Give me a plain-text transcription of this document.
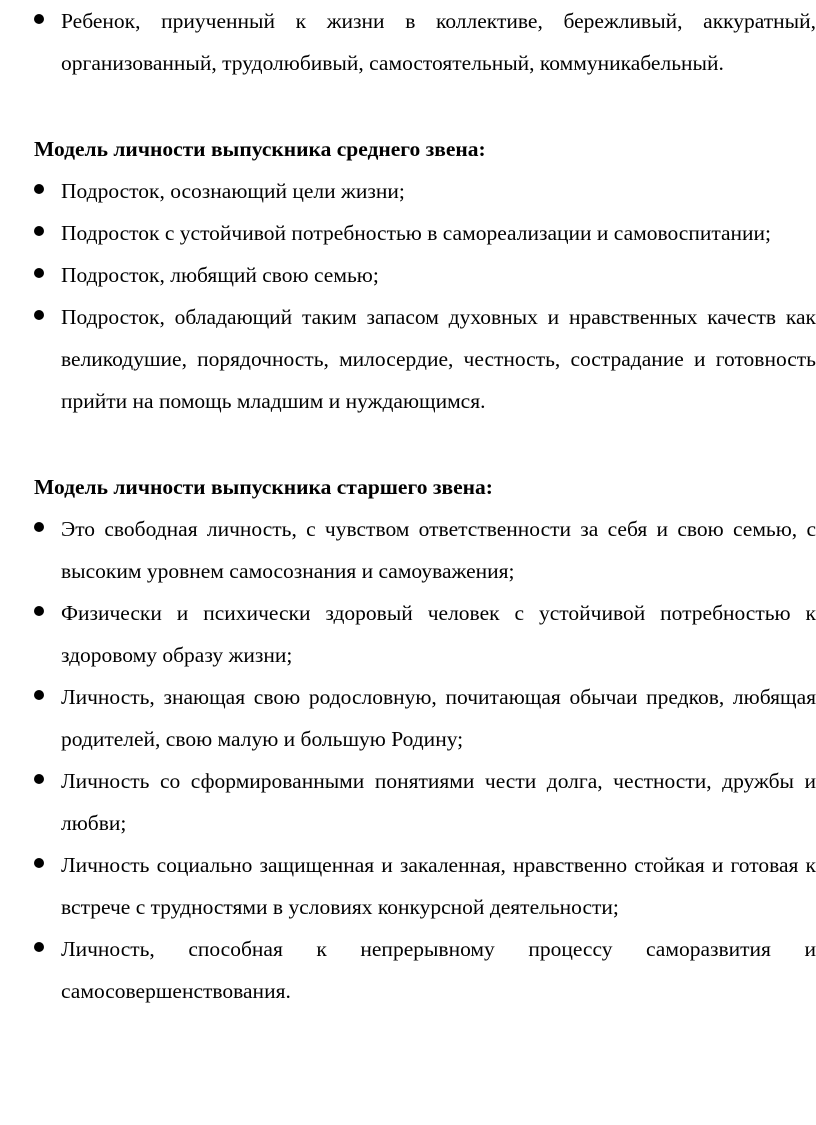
Ребенок, приученный к жизни в коллективе, бережливый, аккуратный, организованный, трудолюбивый, самостоятельный, коммуникабельный.

Модель личности выпускника среднего звена:

Подросток, осознающий цели жизни;
Подросток с устойчивой потребностью в самореализации и самовоспитании;
Подросток, любящий свою семью;
Подросток, обладающий таким запасом духовных и нравственных качеств как великодушие, порядочность, милосердие, честность, сострадание и готовность прийти на помощь младшим и нуждающимся.

Модель личности выпускника старшего звена:

Это свободная личность, с чувством ответственности за себя и свою семью, с высоким уровнем самосознания и самоуважения;
Физически и психически здоровый человек с устойчивой потребностью к здоровому образу жизни;
Личность, знающая свою родословную, почитающая обычаи предков, любящая родителей, свою малую и большую Родину;
Личность со сформированными понятиями чести долга, честности, дружбы и любви;
Личность социально защищенная и закаленная, нравственно стойкая и готовая к встрече с трудностями в условиях конкурсной деятельности;
Личность, способная к непрерывному процессу саморазвития и самосовершенствования.
